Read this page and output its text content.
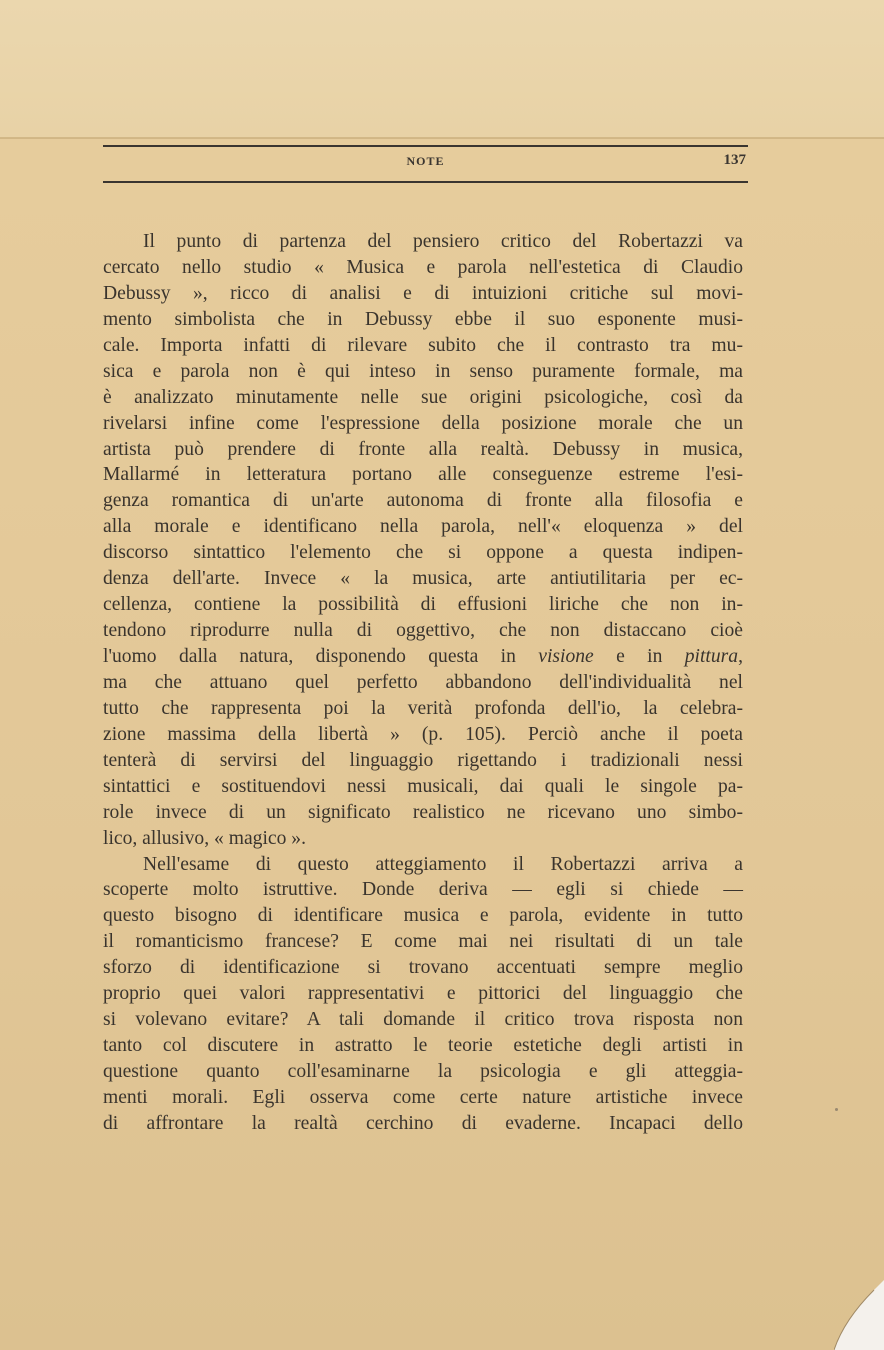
NOTE	137
Il punto di partenza del pensiero critico del Robertazzi va
cercato nello studio « Musica e parola nell'estetica di Claudio
Debussy », ricco di analisi e di intuizioni critiche sul movi-
mento simbolista che in Debussy ebbe il suo esponente musi-
cale. Importa infatti di rilevare subito che il contrasto tra mu-
sica e parola non è qui inteso in senso puramente formale, ma
è analizzato minutamente nelle sue origini psicologiche, così da
rivelarsi infine come l'espressione della posizione morale che un
artista può prendere di fronte alla realtà. Debussy in musica,
Mallarmé in letteratura portano alle conseguenze estreme l'esi-
genza romantica di un'arte autonoma di fronte alla filosofia e
alla morale e identificano nella parola, nell'« eloquenza » del
discorso sintattico l'elemento che si oppone a questa indipen-
denza dell'arte. Invece « la musica, arte antiutilitaria per ec-
cellenza, contiene la possibilità di effusioni liriche che non in-
tendono riprodurre nulla di oggettivo, che non distaccano cioè
l'uomo dalla natura, disponendo questa in visione e in pittura,
ma che attuano quel perfetto abbandono dell'individualità nel
tutto che rappresenta poi la verità profonda dell'io, la celebra-
zione massima della libertà » (p. 105). Perciò anche il poeta
tenterà di servirsi del linguaggio rigettando i tradizionali nessi
sintattici e sostituendovi nessi musicali, dai quali le singole pa-
role invece di un significato realistico ne ricevano uno simbo-
lico, allusivo, « magico ».
Nell'esame di questo atteggiamento il Robertazzi arriva a
scoperte molto istruttive. Donde deriva — egli si chiede —
questo bisogno di identificare musica e parola, evidente in tutto
il romanticismo francese? E come mai nei risultati di un tale
sforzo di identificazione si trovano accentuati sempre meglio
proprio quei valori rappresentativi e pittorici del linguaggio che
si volevano evitare? A tali domande il critico trova risposta non
tanto col discutere in astratto le teorie estetiche degli artisti in
questione quanto coll'esaminarne la psicologia e gli atteggia-
menti morali. Egli osserva come certe nature artistiche invece
di affrontare la realtà cerchino di evaderne. Incapaci dello
